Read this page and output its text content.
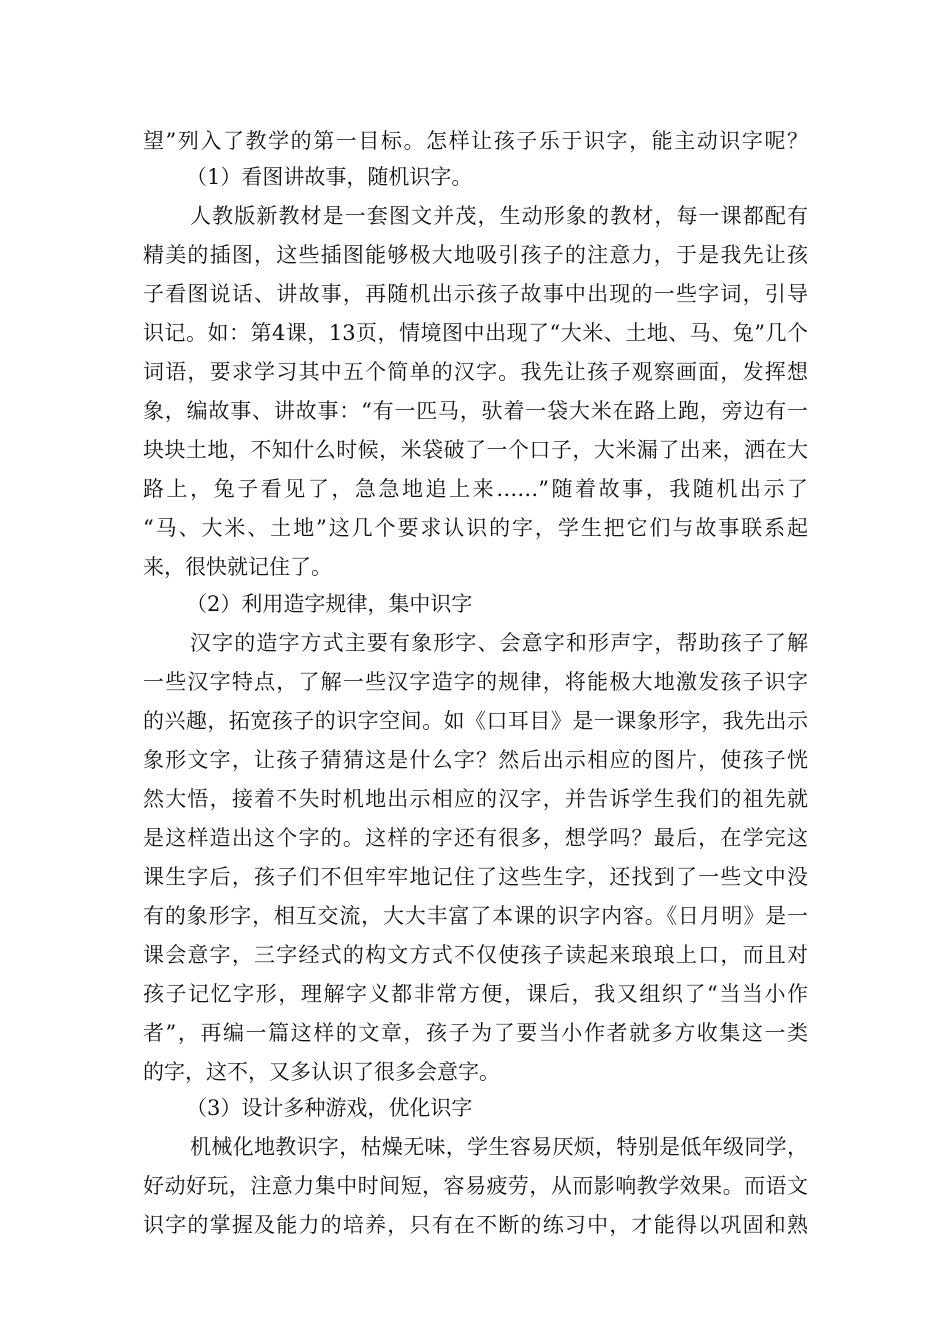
望”列入了教学的第一目标。怎样让孩子乐于识字，能主动识字呢？
（1）看图讲故事，随机识字。
人教版新教材是一套图文并茂，生动形象的教材，每一课都配有
精美的插图，这些插图能够极大地吸引孩子的注意力，于是我先让孩
子看图说话、讲故事，再随机出示孩子故事中出现的一些字词，引导
识记。如：第4课，13页，情境图中出现了“大米、土地、马、兔”几个
词语，要求学习其中五个简单的汉字。我先让孩子观察画面，发挥想
象，编故事、讲故事：“有一匹马，驮着一袋大米在路上跑，旁边有一
块块土地，不知什么时候，米袋破了一个口子，大米漏了出来，洒在大
路上，兔子看见了，急急地追上来……”随着故事，我随机出示了
“马、大米、土地”这几个要求认识的字，学生把它们与故事联系起
来，很快就记住了。
（2）利用造字规律，集中识字
汉字的造字方式主要有象形字、会意字和形声字，帮助孩子了解
一些汉字特点，了解一些汉字造字的规律，将能极大地激发孩子识字
的兴趣，拓宽孩子的识字空间。如《口耳目》是一课象形字，我先出示
象形文字，让孩子猜猜这是什么字？然后出示相应的图片，使孩子恍
然大悟，接着不失时机地出示相应的汉字，并告诉学生我们的祖先就
是这样造出这个字的。这样的字还有很多，想学吗？最后，在学完这
课生字后，孩子们不但牢牢地记住了这些生字，还找到了一些文中没
有的象形字，相互交流，大大丰富了本课的识字内容。《日月明》是一
课会意字，三字经式的构文方式不仅使孩子读起来琅琅上口，而且对
孩子记忆字形，理解字义都非常方便，课后，我又组织了“当当小作
者”，再编一篇这样的文章，孩子为了要当小作者就多方收集这一类
的字，这不，又多认识了很多会意字。
（3）设计多种游戏，优化识字
机械化地教识字，枯燥无味，学生容易厌烦，特别是低年级同学，
好动好玩，注意力集中时间短，容易疲劳，从而影响教学效果。而语文
识字的掌握及能力的培养，只有在不断的练习中，才能得以巩固和熟
